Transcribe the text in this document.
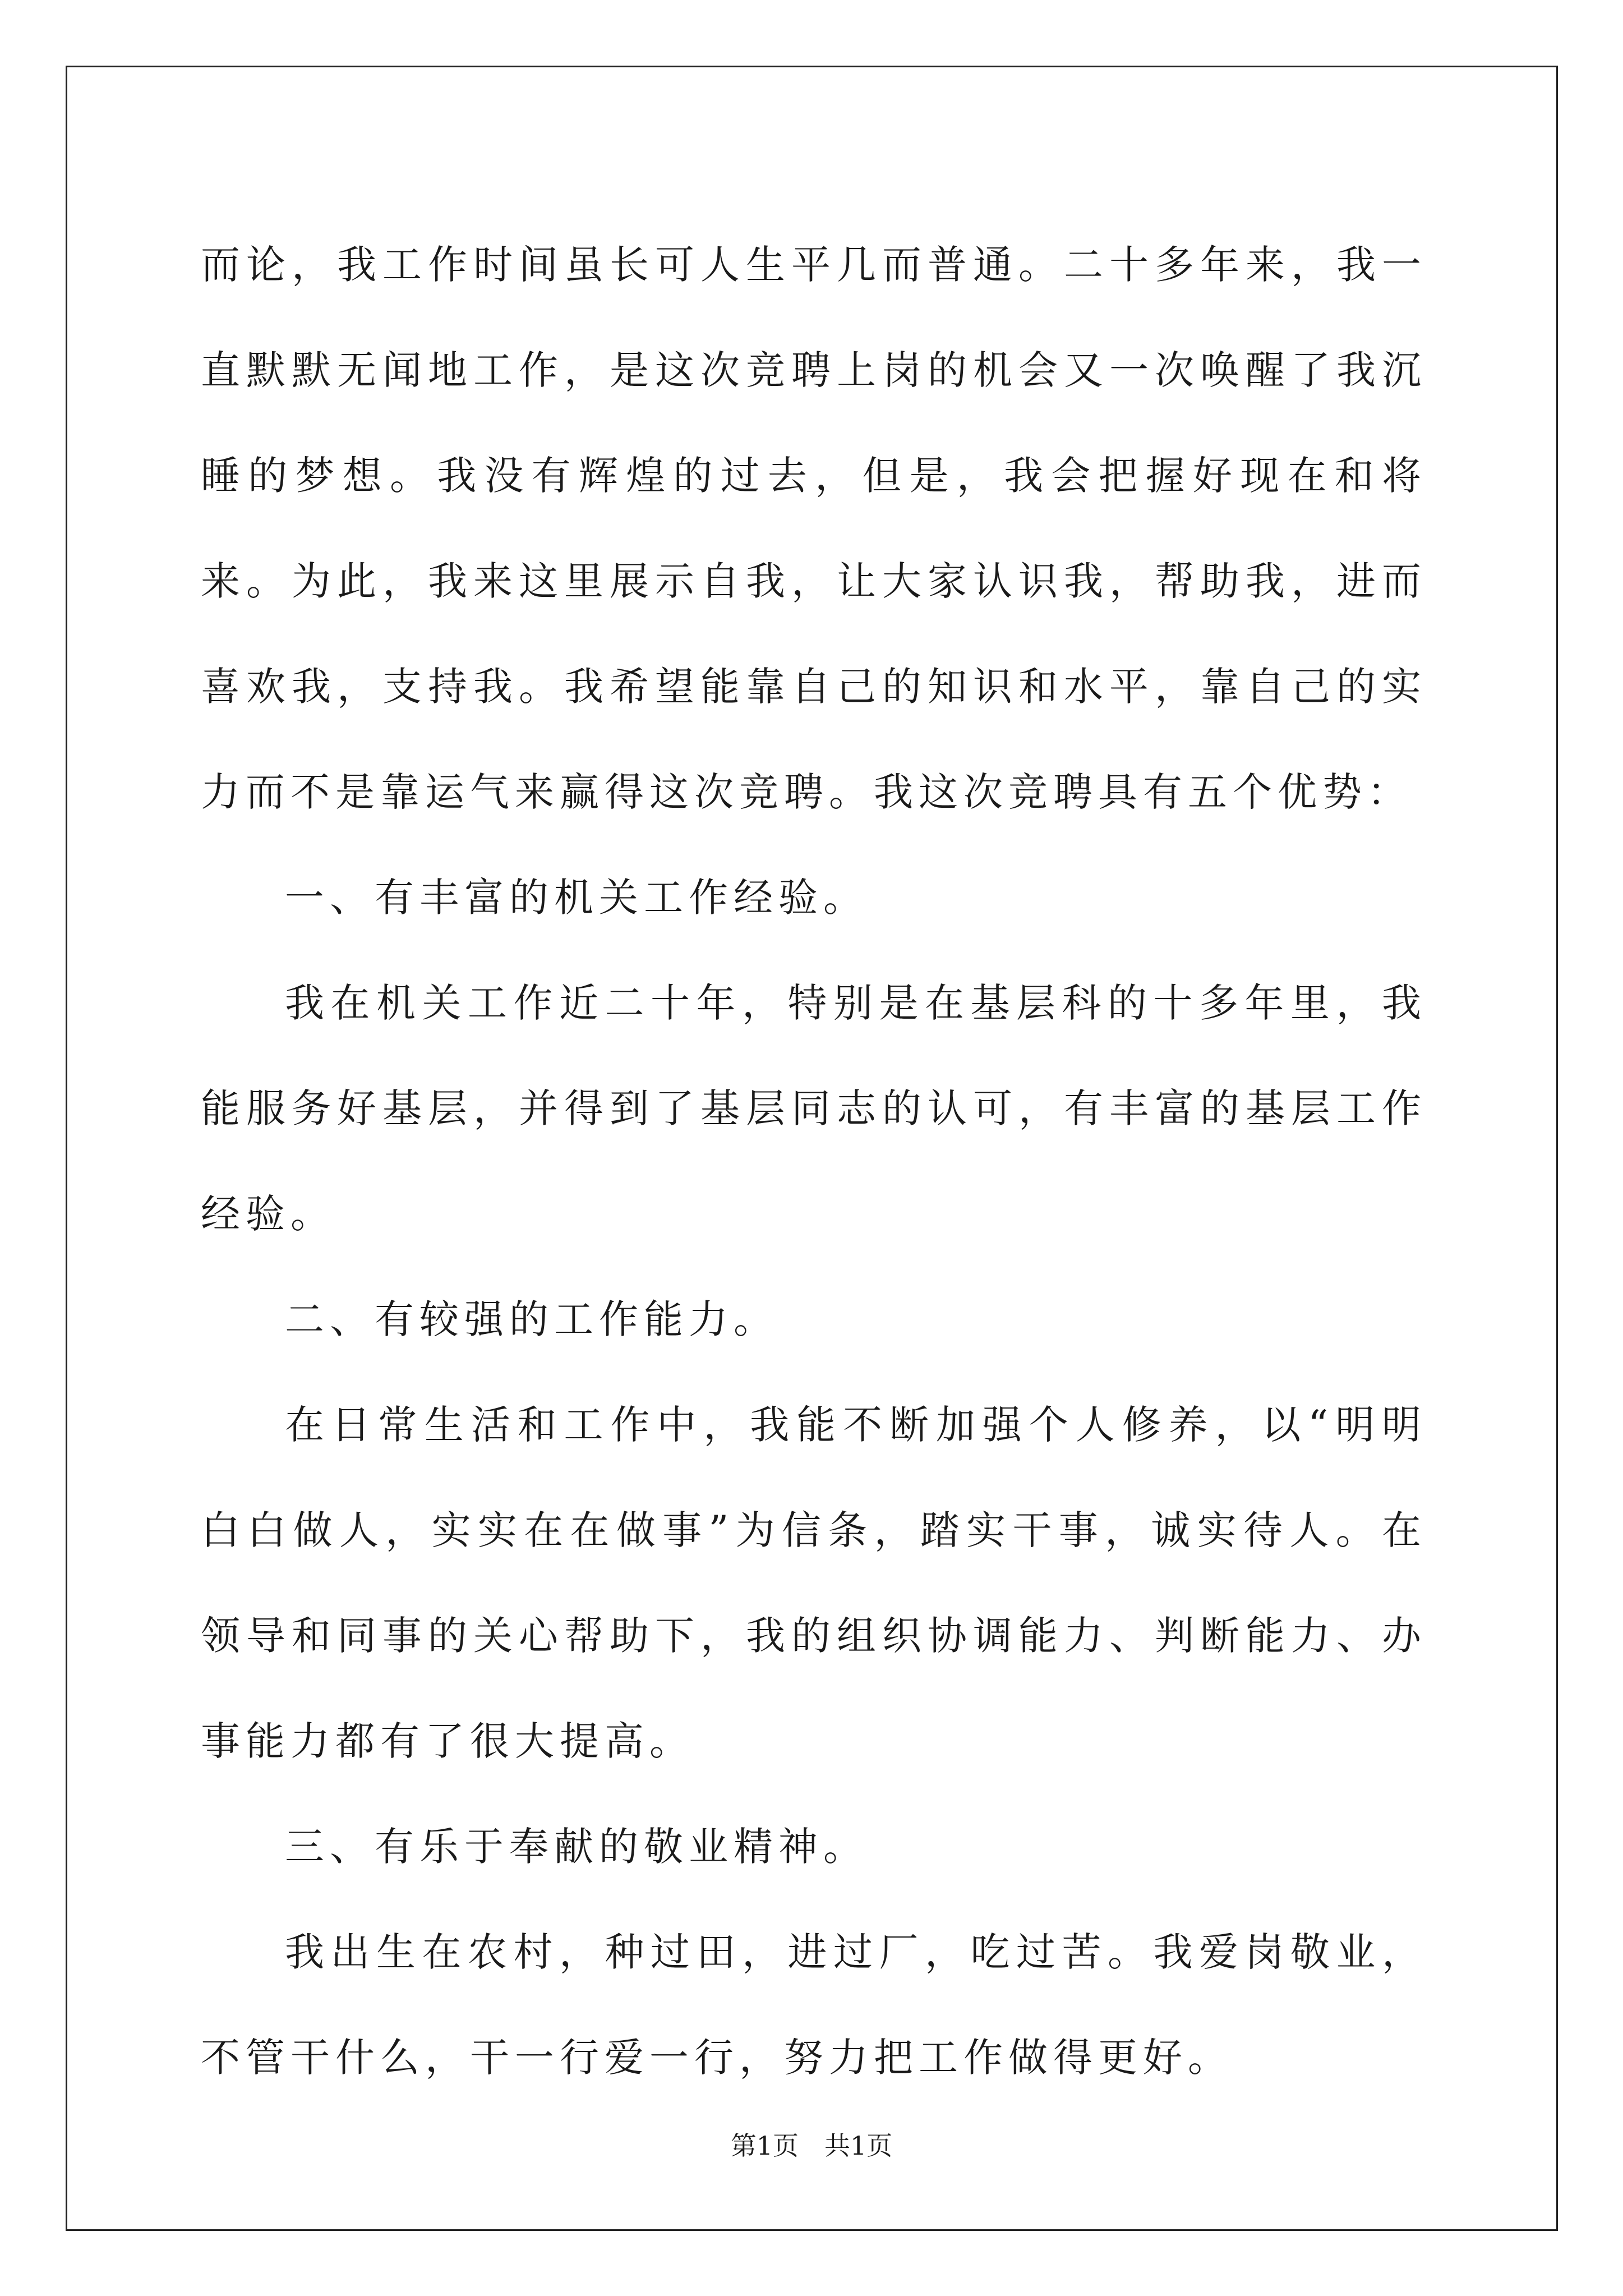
而论，我工作时间虽长可人生平几而普通。二十多年来，我一直默默无闻地工作，是这次竞聘上岗的机会又一次唤醒了我沉睡的梦想。我没有辉煌的过去，但是，我会把握好现在和将来。为此，我来这里展示自我，让大家认识我，帮助我，进而喜欢我，支持我。我希望能靠自己的知识和水平，靠自己的实力而不是靠运气来赢得这次竞聘。我这次竞聘具有五个优势：

一、有丰富的机关工作经验。

我在机关工作近二十年，特别是在基层科的十多年里，我能服务好基层，并得到了基层同志的认可，有丰富的基层工作经验。

二、有较强的工作能力。

在日常生活和工作中，我能不断加强个人修养，以“明明白白做人，实实在在做事”为信条，踏实干事，诚实待人。在领导和同事的关心帮助下，我的组织协调能力、判断能力、办事能力都有了很大提高。

三、有乐于奉献的敬业精神。

我出生在农村，种过田，进过厂，吃过苦。我爱岗敬业，不管干什么，干一行爱一行，努力把工作做得更好。

第1页 共1页
